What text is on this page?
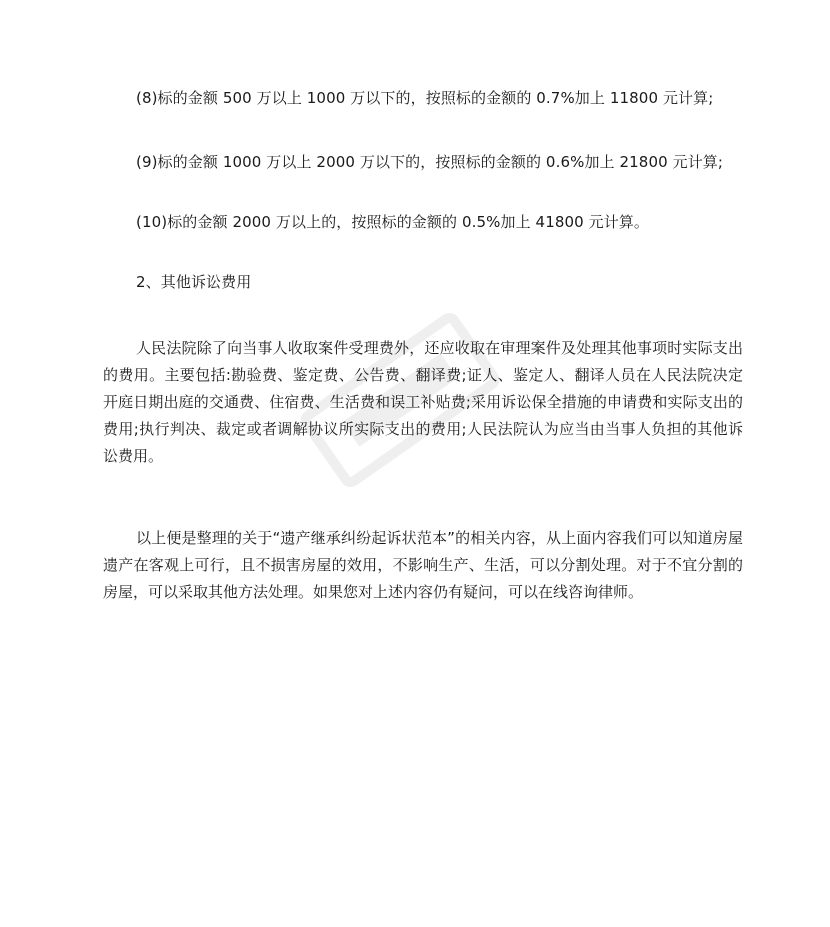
(8)标的金额 500 万以上 1000 万以下的，按照标的金额的 0.7%加上 11800 元计算;
(9)标的金额 1000 万以上 2000 万以下的，按照标的金额的 0.6%加上 21800 元计算;
(10)标的金额 2000 万以上的，按照标的金额的 0.5%加上 41800 元计算。
2、其他诉讼费用
人民法院除了向当事人收取案件受理费外，还应收取在审理案件及处理其他事项时实际支出的费用。主要包括:勘验费、鉴定费、公告费、翻译费;证人、鉴定人、翻译人员在人民法院决定开庭日期出庭的交通费、住宿费、生活费和误工补贴费;采用诉讼保全措施的申请费和实际支出的费用;执行判决、裁定或者调解协议所实际支出的费用;人民法院认为应当由当事人负担的其他诉讼费用。
以上便是整理的关于“遗产继承纠纷起诉状范本”的相关内容，从上面内容我们可以知道房屋遗产在客观上可行，且不损害房屋的效用，不影响生产、生活，可以分割处理。对于不宜分割的房屋，可以采取其他方法处理。如果您对上述内容仍有疑问，可以在线咨询律师。
